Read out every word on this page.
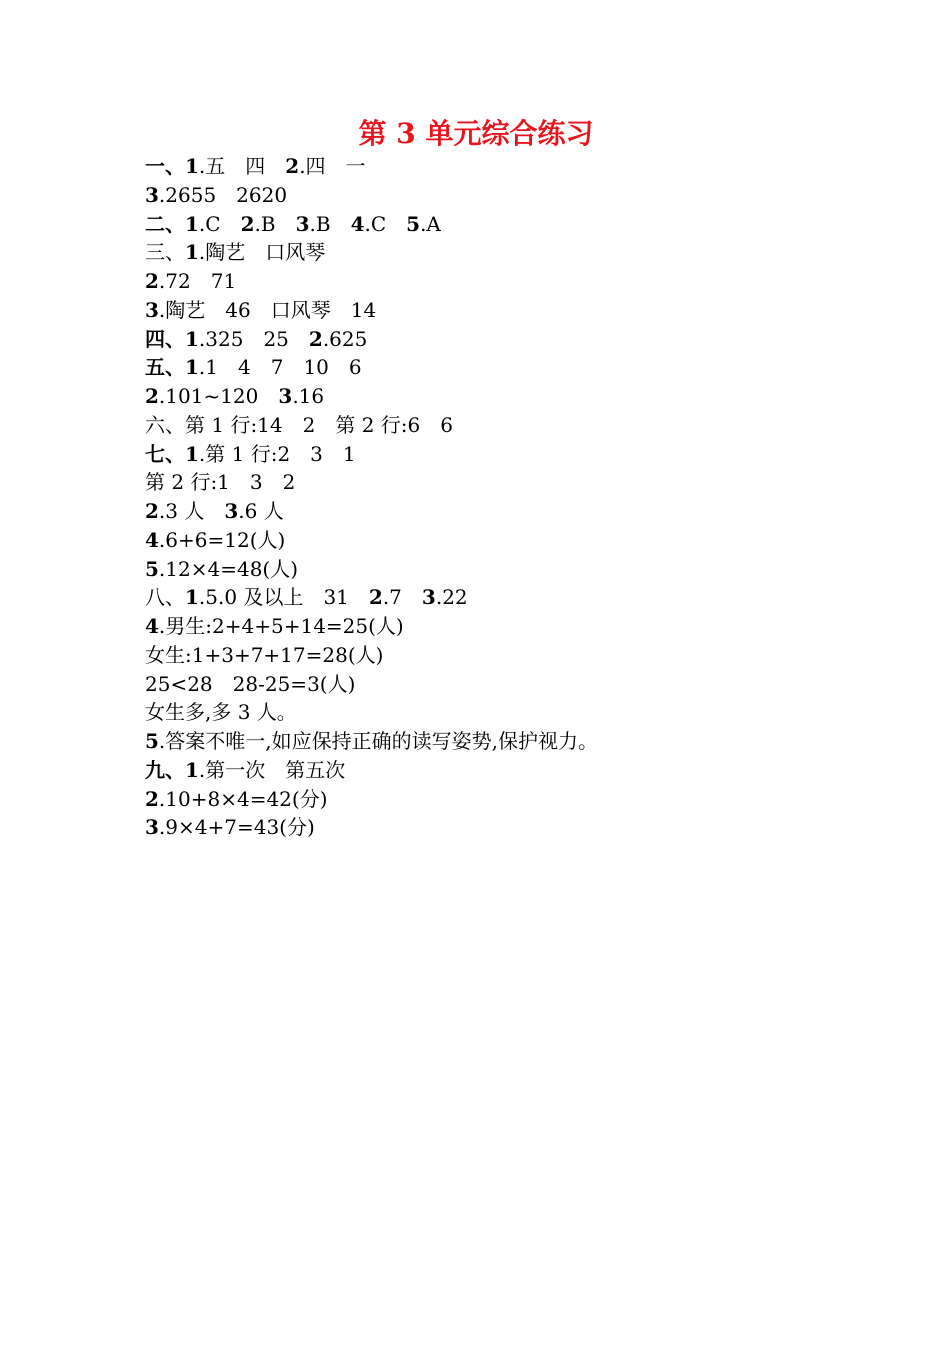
第 3 单元综合练习
一、1.五　四　2.四　一
3.2655　2620
二、1.C　2.B　3.B　4.C　5.A
三、1.陶艺　口风琴
2.72　71
3.陶艺　46　口风琴　14
四、1.325　25　2.625
五、1.1　4　7　10　6
2.101~120　3.16
六、第 1 行:14　2　第 2 行:6　6
七、1.第 1 行:2　3　1
第 2 行:1　3　2
2.3 人　3.6 人
4.6+6=12(人)
5.12×4=48(人)
八、1.5.0 及以上　31　2.7　3.22
4.男生:2+4+5+14=25(人)
女生:1+3+7+17=28(人)
25<28　28-25=3(人)
女生多,多 3 人。
5.答案不唯一,如应保持正确的读写姿势,保护视力。
九、1.第一次　第五次
2.10+8×4=42(分)
3.9×4+7=43(分)
